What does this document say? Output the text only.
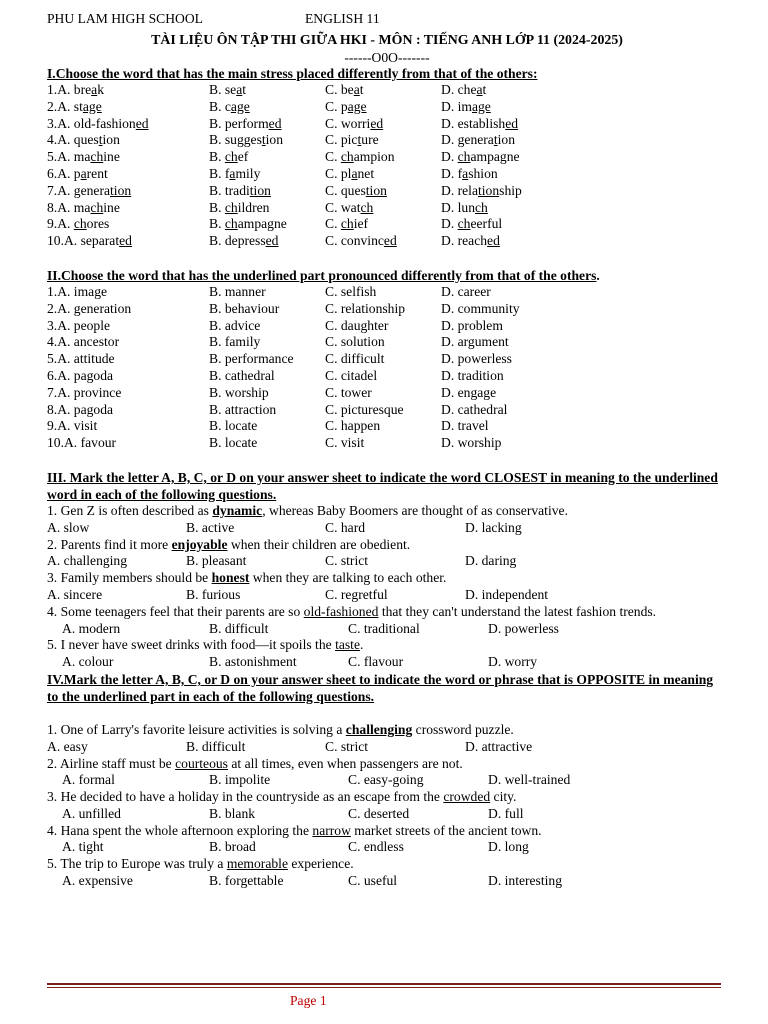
PHU LAM HIGH SCHOOL	ENGLISH 11
TÀI LIỆU ÔN TẬP THI GIỮA HKI - MÔN : TIẾNG ANH LỚP 11 (2024-2025)
------O0O-------
I.Choose the word that has the main stress placed differently from that of the others:
1.A. break	B. seat	C. beat	D. cheat
2.A. stage	B. cage	C. page	D. image
3.A. old-fashioned	B. performed	C. worried	D. established
4.A. question	B. suggestion	C. picture	D. generation
5.A. machine	B. chef	C. champion	D. champagne
6.A. parent	B. family	C. planet	D. fashion
7.A. generation	B. tradition	C. question	D. relationship
8.A. machine	B. children	C. watch	D. lunch
9.A. chores	B. champagne	C. chief	D. cheerful
10.A. separated	B. depressed	C. convinced	D. reached
II.Choose the word that has the underlined part pronounced differently from that of the others.
1.A. image	B. manner	C. selfish	D. career
2.A. generation	B. behaviour	C. relationship	D. community
3.A. people	B. advice	C. daughter	D. problem
4.A. ancestor	B. family	C. solution	D. argument
5.A. attitude	B. performance	C. difficult	D. powerless
6.A. pagoda	B. cathedral	C. citadel	D. tradition
7.A. province	B. worship	C. tower	D. engage
8.A. pagoda	B. attraction	C. picturesque	D. cathedral
9.A. visit	B. locate	C. happen	D. travel
10.A. favour	B. locate	C. visit	D. worship
III. Mark the letter A, B, C, or D on your answer sheet to indicate the word CLOSEST in meaning to the underlined word in each of the following questions.
1. Gen Z is often described as dynamic, whereas Baby Boomers are thought of as conservative.
A. slow	B. active	C. hard	D. lacking
2. Parents find it more enjoyable when their children are obedient.
A. challenging	B. pleasant	C. strict	D. daring
3. Family members should be honest when they are talking to each other.
A. sincere	B. furious	C. regretful	D. independent
4. Some teenagers feel that their parents are so old-fashioned that they can't understand the latest fashion trends.
A. modern	B. difficult	C. traditional	D. powerless
5. I never have sweet drinks with food—it spoils the taste.
A. colour	B. astonishment	C. flavour	D. worry
IV.Mark the letter A, B, C, or D on your answer sheet to indicate the word or phrase that is OPPOSITE in meaning to the underlined part in each of the following questions.
1. One of Larry's favorite leisure activities is solving a challenging crossword puzzle.
A. easy	B. difficult	C. strict	D. attractive
2. Airline staff must be courteous at all times, even when passengers are not.
A. formal	B. impolite	C. easy-going	D. well-trained
3. He decided to have a holiday in the countryside as an escape from the crowded city.
A. unfilled	B. blank	C. deserted	D. full
4. Hana spent the whole afternoon exploring the narrow market streets of the ancient town.
A. tight	B. broad	C. endless	D. long
5. The trip to Europe was truly a memorable experience.
A. expensive	B. forgettable	C. useful	D. interesting
Page 1
